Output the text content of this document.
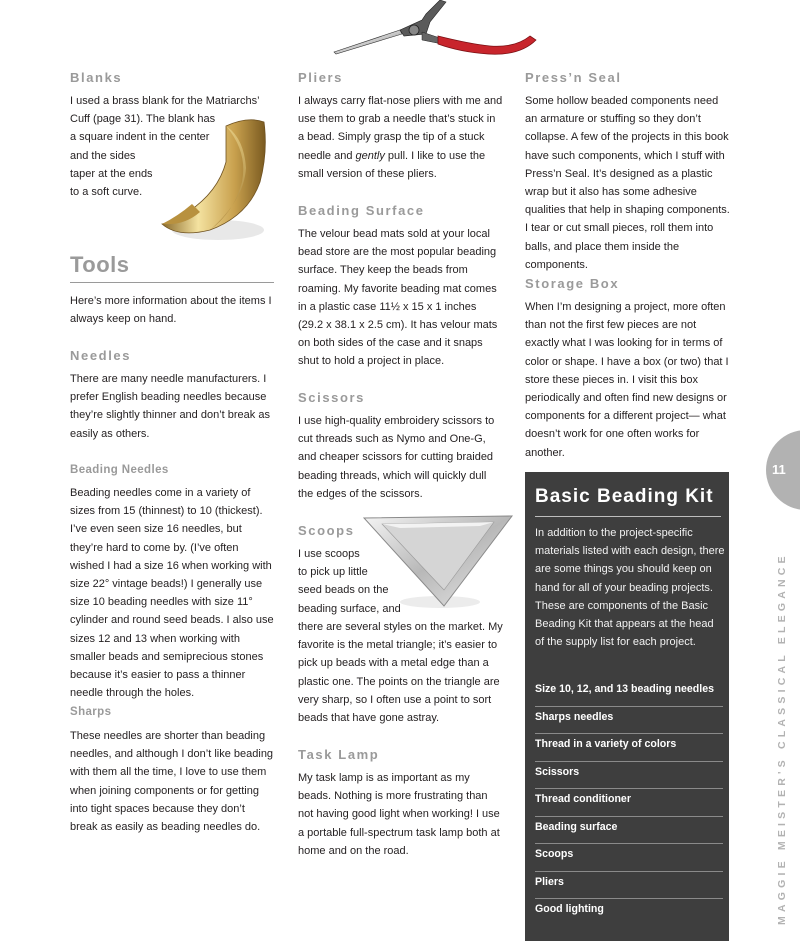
Blanks
I used a brass blank for the Matriarchs’
Cuff (page 31). The blank has
a square indent in the center
and the sides
taper at the ends
to a soft curve.
Tools

Here’s more information about the items I always keep on hand.

Needles

There are many needle manufacturers. I prefer English beading needles because they’re slightly thinner and don’t break as easily as others.

Beading Needles

Beading needles come in a variety of sizes from 15 (thinnest) to 10 (thickest). I’ve even seen size 16 needles, but they’re hard to come by. (I’ve often wished I had a size 16 when working with size 22° vintage beads!) I generally use size 10 beading needles with size 11° cylinder and round seed beads. I also use sizes 12 and 13 when working with smaller beads and semiprecious stones because it’s easier to pass a thinner needle through the holes.

Sharps

These needles are shorter than beading needles, and although I don’t like beading with them all the time, I love to use them when joining components or for getting into tight spaces because they don’t break as easily as beading needles do.

Pliers

I always carry flat-nose pliers with me and use them to grab a needle that’s stuck in a bead. Simply grasp the tip of a stuck needle and gently pull. I like to use the small version of these pliers.

Beading Surface

The velour bead mats sold at your local bead store are the most popular beading surface. They keep the beads from roaming. My favorite beading mat comes in a plastic case 11½ x 15 x 1 inches (29.2 x 38.1 x 2.5 cm). It has velour mats on both sides of the case and it snaps shut to hold a project in place.

Scissors

I use high-quality embroidery scissors to cut threads such as Nymo and One-G, and cheaper scissors for cutting braided beading threads, which will quickly dull the edges of the scissors.

Scoops
I use scoops
to pick up little
seed beads on the
beading surface, and

there are several styles on the market. My favorite is the metal triangle; it’s easier to pick up beads with a metal edge than a plastic one. The points on the triangle are very sharp, so I often use a point to sort beads that have gone astray.

Task Lamp

My task lamp is as important as my beads. Nothing is more frustrating than not having good light when working! I use a portable full-spectrum task lamp both at home and on the road.

Press’n Seal

Some hollow beaded components need an armature or stuffing so they don’t collapse. A few of the projects in this book have such components, which I stuff with Press’n Seal. It’s designed as a plastic wrap but it also has some adhesive qualities that help in shaping components. I tear or cut small pieces, roll them into balls, and place them inside the components.

Storage Box

When I’m designing a project, more often than not the first few pieces are not exactly what I was looking for in terms of color or shape. I have a box (or two) that I store these pieces in. I visit this box periodically and often find new designs or components for a different project— what doesn’t work for one often works for another.

Basic Beading Kit

In addition to the project-specific materials listed with each design, there are some things you should keep on hand for all of your beading projects. These are components of the Basic Beading Kit that appears at the head of the supply list for each project.

Size 10, 12, and 13 beading needles
Sharps needles
Thread in a variety of colors
Scissors
Thread conditioner
Beading surface
Scoops
Pliers
Good lighting
11
MAGGIE MEISTER'S CLASSICAL ELEGANCE
